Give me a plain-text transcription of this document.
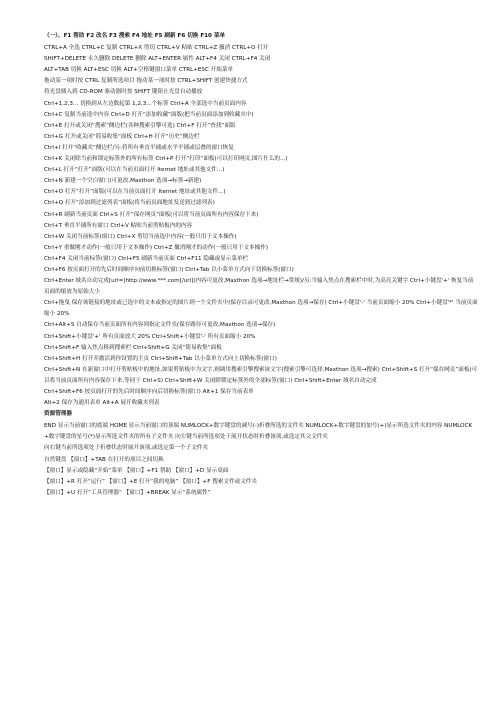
（一）、F1 帮助 F2 改名 F3 搜索 F4 地址 F5 刷新 F6 切换 F10 菜单
CTRL+A 全选 CTRL+C 复制 CTRL+X 剪切 CTRL+V 粘贴 CTRL+Z 撤消 CTRL+O 打开
SHIFT+DELETE 永久删除 DELETE 删除 ALT+ENTER 属性 ALT+F4 关闭 CTRL+F4 关闭
ALT+TAB 切换 ALT+ESC 切换 ALT+空格键窗口菜单 CTRL+ESC 开始菜单
拖动某一项时按 CTRL 复制所选项目 拖动某一项时按 CTRL+SHIFT 创建快捷方式
将光盘插入到 CD-ROM 驱动器时按 SHIFT 键阻止光盘自动播放
Ctrl+1,2,3... 切换到从左边数起第 1,2,3...个标签 Ctrl+A 全部选中当前页面内容
Ctrl+C 复制当前选中内容 Ctrl+D 打开“添加收藏”面版(把当前页面添加到收藏夹中)
Ctrl+E 打开或关闭“搜索”侧边栏(各种搜索引擎可选) Ctrl+F 打开“查找”面版
Ctrl+G 打开或关闭“简易收集”面板 Ctrl+H 打开“历史”侧边栏
Ctrl+I 打开“收藏夹”侧边栏/另:将所有垂直平铺或水平平铺或层叠的窗口恢复
Ctrl+K 关闭除当前和锁定标签外的所有标签 Ctrl+P 打开“打印”面板(可以打印网页,图片什么的...)
Ctrl+L 打开“打开”面版(可以在当前页面打开 Iternet 地址或其他文件...)
Ctrl+N 新建一个空白窗口(可更改,Maxthon 选项→标签→新建)
Ctrl+O 打开“打开”面版(可以在当前页面打开 Iternet 地址或其他文件...)
Ctrl+Q 打开“添加到过滤列表”面板(将当前页面地址发送到过滤列表)
Ctrl+R 刷新当前页面 Ctrl+S 打开“保存网页”面板(可以将当前页面所有内容保存下来)
Ctrl+T 垂直平铺所有窗口 Ctrl+V 粘贴当前剪贴板内的内容
Ctrl+W 关闭当前标签(窗口) Ctrl+X 剪切当前选中内容(一般只用于文本操作)
Ctrl+Y 重做刚才动作(一般只用于文本操作) Ctrl+Z 撤消刚才的动作(一般只用于文本操作)
Ctrl+F4 关闭当前标签(窗口) Ctrl+F5 刷新当前页面 Ctrl+F11 隐藏或显示菜单栏
Ctrl+F6 按页面打开的先后时间顺序向前切换标签(窗口) Ctrl+Tab 以小菜单方式向下切换标签(窗口)
Ctrl+Enter 域名自动完成[url=]http://www.***.com[/url](内容可更改,Maxthon 选项→地址栏→常规)/另:当输入焦点在搜索栏中时,为高亮关键字 Ctrl+小键盘'+' 恢复当前页面的缩放为原始大小
Ctrl+拖曳 保存该链接的地址或已选中的文本或指定的图片到一个文件夹中(保存目录可更改,Maxthon 选项→保存) Ctrl+小键盘'-' 当前页面缩小 20% Ctrl+小键盘'*' 当前页面缩小 20%
Ctrl+Alt+S 自动保存当前页面所有内容到指定文件夹(保存路径可更改,Maxthon 选项→保存)
Ctrl+Shift+小键盘'+' 所有页面放大 20% Ctrl+Shift+小键盘'-' 所有页面缩小 20%
Ctrl+Shift+F 输入焦点移到搜索栏 Ctrl+Shift+G 关闭“简易收集”面板
Ctrl+Shift+H 打开并激活到你设置的主页 Ctrl+Shift+Tab 以小菜单方式向上切换标签(窗口)
Ctrl+Shift+N 在新窗口中打开剪贴板中的地址,如果剪贴板中为文字,则调用搜索引擎搜索该文字(搜索引擎可选择,Maxthon 选项→搜索) Ctrl+Shift+S 打开“保存网页”面板(可以将当前页面所有内容保存下来,等同于 Ctrl+S) Ctrl+Shift+W 关闭除锁定标签外的全部标签(窗口) Ctrl+Shift+Enter 域名自动完成
Ctrl+Shift+F6 按页面打开的先后时间顺序向后切换标签(窗口) Alt+1 保存当前表单
Alt+2 保存为通用表单 Alt+A 展开收藏夹列表
资源管理器
END 显示当前窗口的底端 HOME 显示当前窗口的顶端 NUMLOCK+数字键盘的减号(-)折叠所选的文件夹 NUMLOCK+数字键盘的加号(+)显示所选文件夹的内容 NUMLOCK+数字键盘的星号(*)显示所选文件夹的所有子文件夹 向左键当前所选项处于展开状态时折叠该项,或选定其父文件夹
向右键当前所选项处于折叠状态时展开该项,或选定第一个子文件夹
自然键盘 【窗口】+TAB 在打开的项目之间切换
【窗口】显示或隐藏“开始”菜单 【窗口】+F1 帮助 【窗口】+D 显示桌面
【窗口】+R 打开“运行” 【窗口】+E 打开“我的电脑” 【窗口】+F 搜索文件或文件夹
【窗口】+U 打开“工具管理器” 【窗口】+BREAK 显示“系统属性”
